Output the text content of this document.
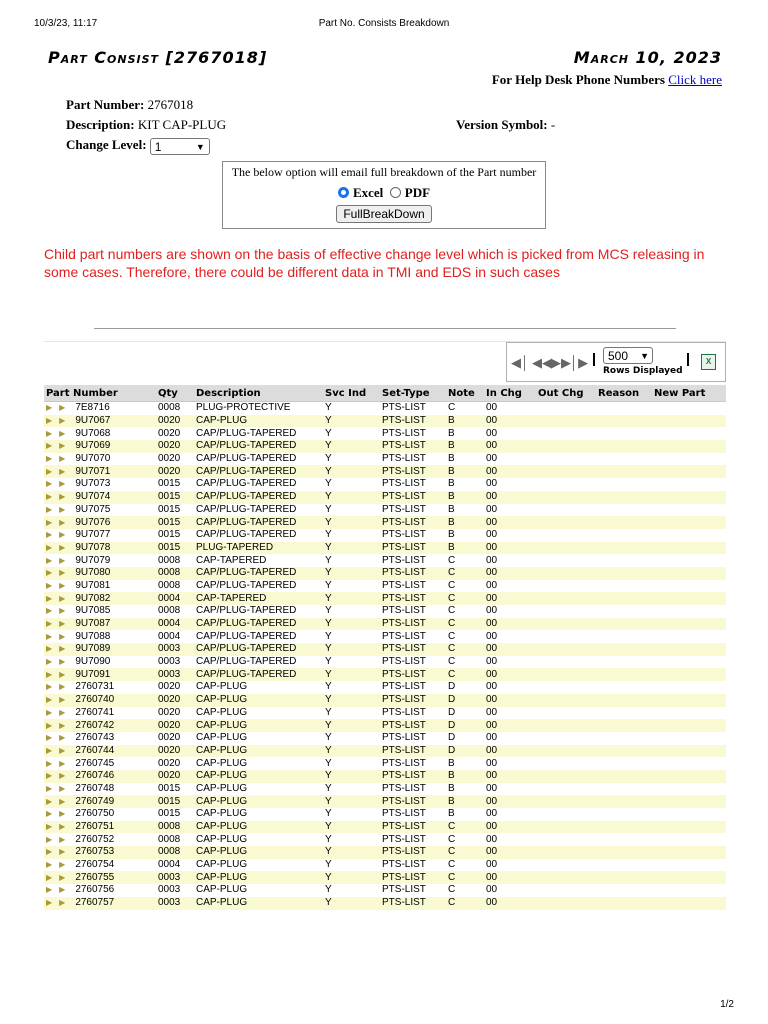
10/3/23, 11:17	Part No. Consists Breakdown
Part Consist [2767018]	March 10, 2023
For Help Desk Phone Numbers Click here
Part Number: 2767018
Description: KIT CAP-PLUG	Version Symbol: -
Change Level: 1	▼
The below option will email full breakdown of the Part number
Excel PDF
FullBreakDown
Child part numbers are shown on the basis of effective change level which is picked from MCS releasing in some cases. Therefore, there could be different data in TMI and EDS in such cases
◀│ ◀◀ ▶▶ │▶	500 ▼
Rows Displayed
X
Part Number	Qty	Description	Svc Ind	Set-Type	Note	In Chg	Out Chg	Reason	New Part
▶ ▶ 7E8716	0008	PLUG-PROTECTIVE	Y	PTS-LIST	C	00			
▶ ▶ 9U7067	0020	CAP-PLUG	Y	PTS-LIST	B	00			
▶ ▶ 9U7068	0020	CAP/PLUG-TAPERED	Y	PTS-LIST	B	00			
▶ ▶ 9U7069	0020	CAP/PLUG-TAPERED	Y	PTS-LIST	B	00			
▶ ▶ 9U7070	0020	CAP/PLUG-TAPERED	Y	PTS-LIST	B	00			
▶ ▶ 9U7071	0020	CAP/PLUG-TAPERED	Y	PTS-LIST	B	00			
▶ ▶ 9U7073	0015	CAP/PLUG-TAPERED	Y	PTS-LIST	B	00			
▶ ▶ 9U7074	0015	CAP/PLUG-TAPERED	Y	PTS-LIST	B	00			
▶ ▶ 9U7075	0015	CAP/PLUG-TAPERED	Y	PTS-LIST	B	00			
▶ ▶ 9U7076	0015	CAP/PLUG-TAPERED	Y	PTS-LIST	B	00			
▶ ▶ 9U7077	0015	CAP/PLUG-TAPERED	Y	PTS-LIST	B	00			
▶ ▶ 9U7078	0015	PLUG-TAPERED	Y	PTS-LIST	B	00			
▶ ▶ 9U7079	0008	CAP-TAPERED	Y	PTS-LIST	C	00			
▶ ▶ 9U7080	0008	CAP/PLUG-TAPERED	Y	PTS-LIST	C	00			
▶ ▶ 9U7081	0008	CAP/PLUG-TAPERED	Y	PTS-LIST	C	00			
▶ ▶ 9U7082	0004	CAP-TAPERED	Y	PTS-LIST	C	00			
▶ ▶ 9U7085	0008	CAP/PLUG-TAPERED	Y	PTS-LIST	C	00			
▶ ▶ 9U7087	0004	CAP/PLUG-TAPERED	Y	PTS-LIST	C	00			
▶ ▶ 9U7088	0004	CAP/PLUG-TAPERED	Y	PTS-LIST	C	00			
▶ ▶ 9U7089	0003	CAP/PLUG-TAPERED	Y	PTS-LIST	C	00			
▶ ▶ 9U7090	0003	CAP/PLUG-TAPERED	Y	PTS-LIST	C	00			
▶ ▶ 9U7091	0003	CAP/PLUG-TAPERED	Y	PTS-LIST	C	00			
▶ ▶ 2760731	0020	CAP-PLUG	Y	PTS-LIST	D	00			
▶ ▶ 2760740	0020	CAP-PLUG	Y	PTS-LIST	D	00			
▶ ▶ 2760741	0020	CAP-PLUG	Y	PTS-LIST	D	00			
▶ ▶ 2760742	0020	CAP-PLUG	Y	PTS-LIST	D	00			
▶ ▶ 2760743	0020	CAP-PLUG	Y	PTS-LIST	D	00			
▶ ▶ 2760744	0020	CAP-PLUG	Y	PTS-LIST	D	00			
▶ ▶ 2760745	0020	CAP-PLUG	Y	PTS-LIST	B	00			
▶ ▶ 2760746	0020	CAP-PLUG	Y	PTS-LIST	B	00			
▶ ▶ 2760748	0015	CAP-PLUG	Y	PTS-LIST	B	00			
▶ ▶ 2760749	0015	CAP-PLUG	Y	PTS-LIST	B	00			
▶ ▶ 2760750	0015	CAP-PLUG	Y	PTS-LIST	B	00			
▶ ▶ 2760751	0008	CAP-PLUG	Y	PTS-LIST	C	00			
▶ ▶ 2760752	0008	CAP-PLUG	Y	PTS-LIST	C	00			
▶ ▶ 2760753	0008	CAP-PLUG	Y	PTS-LIST	C	00			
▶ ▶ 2760754	0004	CAP-PLUG	Y	PTS-LIST	C	00			
▶ ▶ 2760755	0003	CAP-PLUG	Y	PTS-LIST	C	00			
▶ ▶ 2760756	0003	CAP-PLUG	Y	PTS-LIST	C	00			
▶ ▶ 2760757	0003	CAP-PLUG	Y	PTS-LIST	C	00			
1/2
